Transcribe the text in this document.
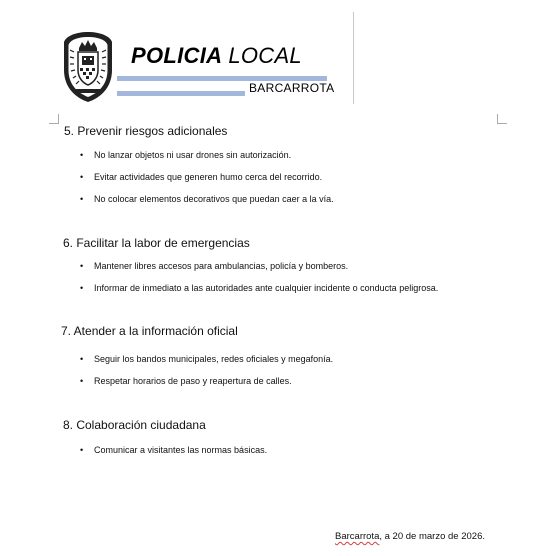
POLICIA LOCAL
BARCARROTA
5. Prevenir riesgos adicionales
• No lanzar objetos ni usar drones sin autorización.
• Evitar actividades que generen humo cerca del recorrido.
• No colocar elementos decorativos que puedan caer a la vía.
6. Facilitar la labor de emergencias
• Mantener libres accesos para ambulancias, policía y bomberos.
• Informar de inmediato a las autoridades ante cualquier incidente o conducta peligrosa.
7. Atender a la información oficial
• Seguir los bandos municipales, redes oficiales y megafonía.
• Respetar horarios de paso y reapertura de calles.
8. Colaboración ciudadana
• Comunicar a visitantes las normas básicas.
Barcarrota, a 20 de marzo de 2026.
